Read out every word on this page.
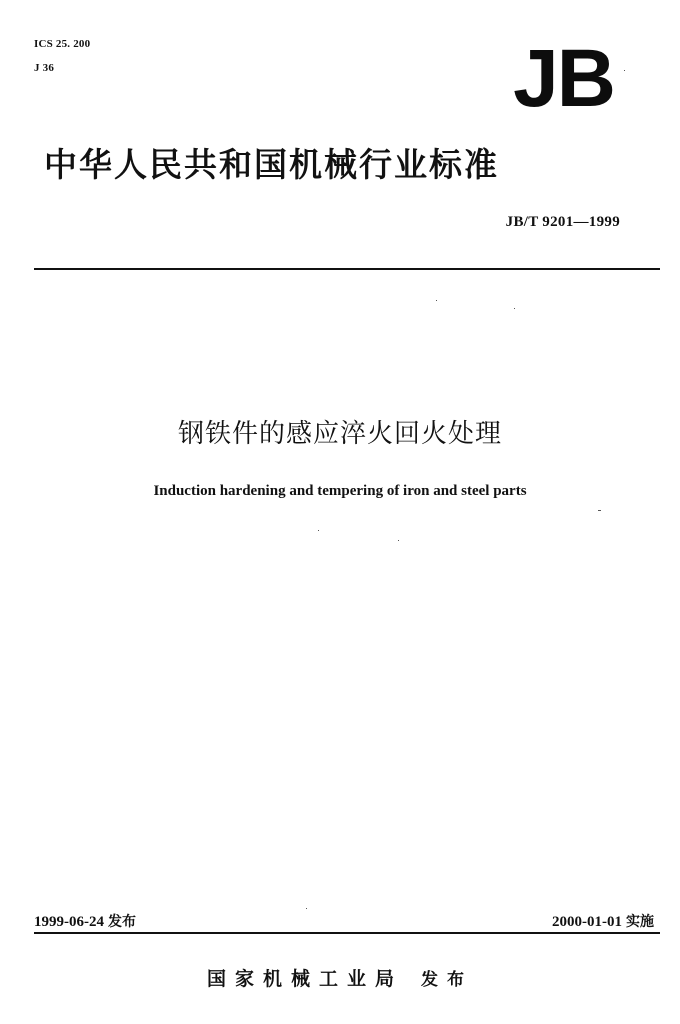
ICS 25. 200
J 36	JB
中华人民共和国机械行业标准
JB/T 9201—1999
钢铁件的感应淬火回火处理
Induction hardening and tempering of iron and steel parts
1999-06-24 发布	2000-01-01 实施
国家机械工业局 发布
